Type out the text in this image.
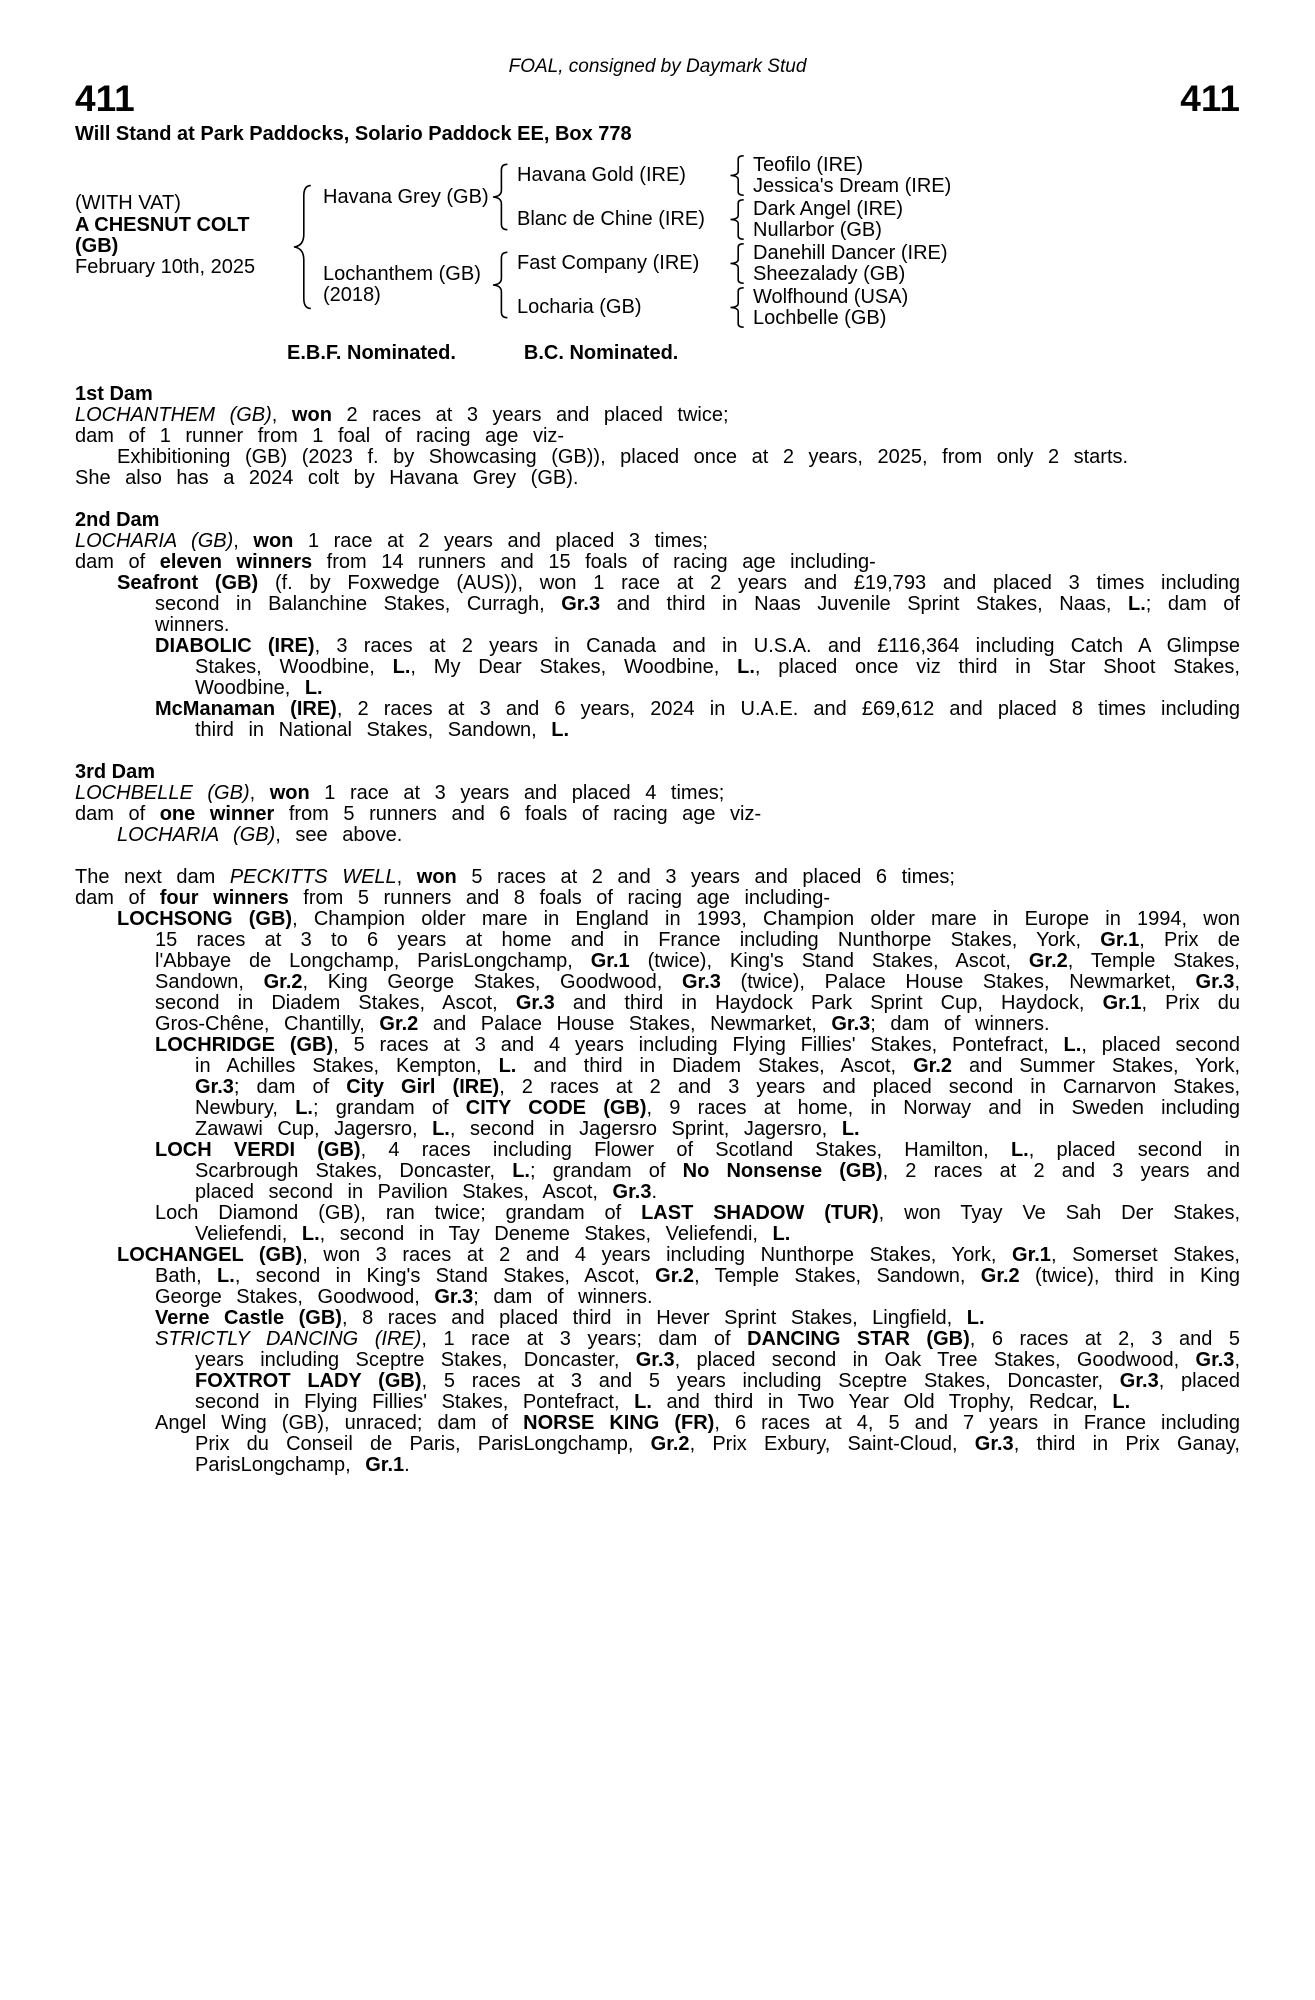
FOAL, consigned by Daymark Stud
411	411
Will Stand at Park Paddocks, Solario Paddock EE, Box 778
(WITH VAT)
A CHESNUT COLT
(GB)
February 10th, 2025
Havana Grey (GB)
Lochanthem (GB)
(2018)
Havana Gold (IRE)
Blanc de Chine (IRE)
Fast Company (IRE)
Locharia (GB)
Teofilo (IRE)
Jessica's Dream (IRE)
Dark Angel (IRE)
Nullarbor (GB)
Danehill Dancer (IRE)
Sheezalady (GB)
Wolfhound (USA)
Lochbelle (GB)
E.B.F. Nominated.	B.C. Nominated.
1st Dam
LOCHANTHEM (GB), won 2 races at 3 years and placed twice;
dam of 1 runner from 1 foal of racing age viz-
Exhibitioning (GB) (2023 f. by Showcasing (GB)), placed once at 2 years, 2025, from only 2 starts.
She also has a 2024 colt by Havana Grey (GB).
2nd Dam
LOCHARIA (GB), won 1 race at 2 years and placed 3 times;
dam of eleven winners from 14 runners and 15 foals of racing age including-
Seafront (GB) (f. by Foxwedge (AUS)), won 1 race at 2 years and £19,793 and placed 3 times including second in Balanchine Stakes, Curragh, Gr.3 and third in Naas Juvenile Sprint Stakes, Naas, L.; dam of winners.
DIABOLIC (IRE), 3 races at 2 years in Canada and in U.S.A. and £116,364 including Catch A Glimpse Stakes, Woodbine, L., My Dear Stakes, Woodbine, L., placed once viz third in Star Shoot Stakes, Woodbine, L.
McManaman (IRE), 2 races at 3 and 6 years, 2024 in U.A.E. and £69,612 and placed 8 times including third in National Stakes, Sandown, L.
3rd Dam
LOCHBELLE (GB), won 1 race at 3 years and placed 4 times;
dam of one winner from 5 runners and 6 foals of racing age viz-
LOCHARIA (GB), see above.
The next dam PECKITTS WELL, won 5 races at 2 and 3 years and placed 6 times;
dam of four winners from 5 runners and 8 foals of racing age including-
LOCHSONG (GB), Champion older mare in England in 1993, Champion older mare in Europe in 1994, won 15 races at 3 to 6 years at home and in France including Nunthorpe Stakes, York, Gr.1, Prix de l'Abbaye de Longchamp, ParisLongchamp, Gr.1 (twice), King's Stand Stakes, Ascot, Gr.2, Temple Stakes, Sandown, Gr.2, King George Stakes, Goodwood, Gr.3 (twice), Palace House Stakes, Newmarket, Gr.3, second in Diadem Stakes, Ascot, Gr.3 and third in Haydock Park Sprint Cup, Haydock, Gr.1, Prix du Gros-Chêne, Chantilly, Gr.2 and Palace House Stakes, Newmarket, Gr.3; dam of winners.
LOCHRIDGE (GB), 5 races at 3 and 4 years including Flying Fillies' Stakes, Pontefract, L., placed second in Achilles Stakes, Kempton, L. and third in Diadem Stakes, Ascot, Gr.2 and Summer Stakes, York, Gr.3; dam of City Girl (IRE), 2 races at 2 and 3 years and placed second in Carnarvon Stakes, Newbury, L.; grandam of CITY CODE (GB), 9 races at home, in Norway and in Sweden including Zawawi Cup, Jagersro, L., second in Jagersro Sprint, Jagersro, L.
LOCH VERDI (GB), 4 races including Flower of Scotland Stakes, Hamilton, L., placed second in Scarbrough Stakes, Doncaster, L.; grandam of No Nonsense (GB), 2 races at 2 and 3 years and placed second in Pavilion Stakes, Ascot, Gr.3.
Loch Diamond (GB), ran twice; grandam of LAST SHADOW (TUR), won Tyay Ve Sah Der Stakes, Veliefendi, L., second in Tay Deneme Stakes, Veliefendi, L.
LOCHANGEL (GB), won 3 races at 2 and 4 years including Nunthorpe Stakes, York, Gr.1, Somerset Stakes, Bath, L., second in King's Stand Stakes, Ascot, Gr.2, Temple Stakes, Sandown, Gr.2 (twice), third in King George Stakes, Goodwood, Gr.3; dam of winners.
Verne Castle (GB), 8 races and placed third in Hever Sprint Stakes, Lingfield, L.
STRICTLY DANCING (IRE), 1 race at 3 years; dam of DANCING STAR (GB), 6 races at 2, 3 and 5 years including Sceptre Stakes, Doncaster, Gr.3, placed second in Oak Tree Stakes, Goodwood, Gr.3, FOXTROT LADY (GB), 5 races at 3 and 5 years including Sceptre Stakes, Doncaster, Gr.3, placed second in Flying Fillies' Stakes, Pontefract, L. and third in Two Year Old Trophy, Redcar, L.
Angel Wing (GB), unraced; dam of NORSE KING (FR), 6 races at 4, 5 and 7 years in France including Prix du Conseil de Paris, ParisLongchamp, Gr.2, Prix Exbury, Saint-Cloud, Gr.3, third in Prix Ganay, ParisLongchamp, Gr.1.
